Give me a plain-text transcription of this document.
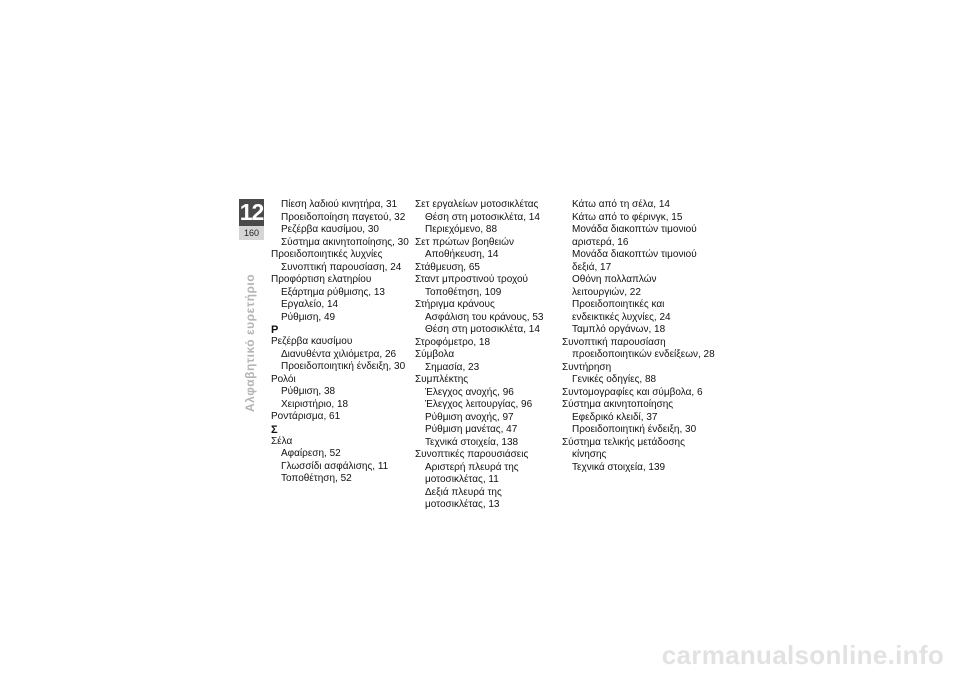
12
160
Αλφαβητικό ευρετήριο
Πίεση λαδιού κινητήρα, 31
Προειδοποίηση παγετού, 32
Ρεζέρβα καυσίμου, 30
Σύστημα ακινητοποίησης, 30
Προειδοποιητικές λυχνίες
Συνοπτική παρουσίαση, 24
Προφόρτιση ελατηρίου
Εξάρτημα ρύθμισης, 13
Εργαλείο, 14
Ρύθμιση, 49
Ρ
Ρεζέρβα καυσίμου
Διανυθέντα χιλιόμετρα, 26
Προειδοποιητική ένδειξη, 30
Ρολόι
Ρύθμιση, 38
Χειριστήριο, 18
Ροντάρισμα, 61
Σ
Σέλα
Αφαίρεση, 52
Γλωσσίδι ασφάλισης, 11
Τοποθέτηση, 52
Σετ εργαλείων μοτοσικλέτας
Θέση στη μοτοσικλέτα, 14
Περιεχόμενο, 88
Σετ πρώτων βοηθειών
Αποθήκευση, 14
Στάθμευση, 65
Σταντ μπροστινού τροχού
Τοποθέτηση, 109
Στήριγμα κράνους
Ασφάλιση του κράνους, 53
Θέση στη μοτοσικλέτα, 14
Στροφόμετρο, 18
Σύμβολα
Σημασία, 23
Συμπλέκτης
Έλεγχος ανοχής, 96
Έλεγχος λειτουργίας, 96
Ρύθμιση ανοχής, 97
Ρύθμιση μανέτας, 47
Τεχνικά στοιχεία, 138
Συνοπτικές παρουσιάσεις
Αριστερή πλευρά της
μοτοσικλέτας, 11
Δεξιά πλευρά της
μοτοσικλέτας, 13
Κάτω από τη σέλα, 14
Κάτω από το φέρινγκ, 15
Μονάδα διακοπτών τιμονιού
αριστερά, 16
Μονάδα διακοπτών τιμονιού
δεξιά, 17
Οθόνη πολλαπλών
λειτουργιών, 22
Προειδοποιητικές και
ενδεικτικές λυχνίες, 24
Ταμπλό οργάνων, 18
Συνοπτική παρουσίαση
προειδοποιητικών ενδείξεων, 28
Συντήρηση
Γενικές οδηγίες, 88
Συντομογραφίες και σύμβολα, 6
Σύστημα ακινητοποίησης
Εφεδρικό κλειδί, 37
Προειδοποιητική ένδειξη, 30
Σύστημα τελικής μετάδοσης
κίνησης
Τεχνικά στοιχεία, 139
carmanualsonline.info
